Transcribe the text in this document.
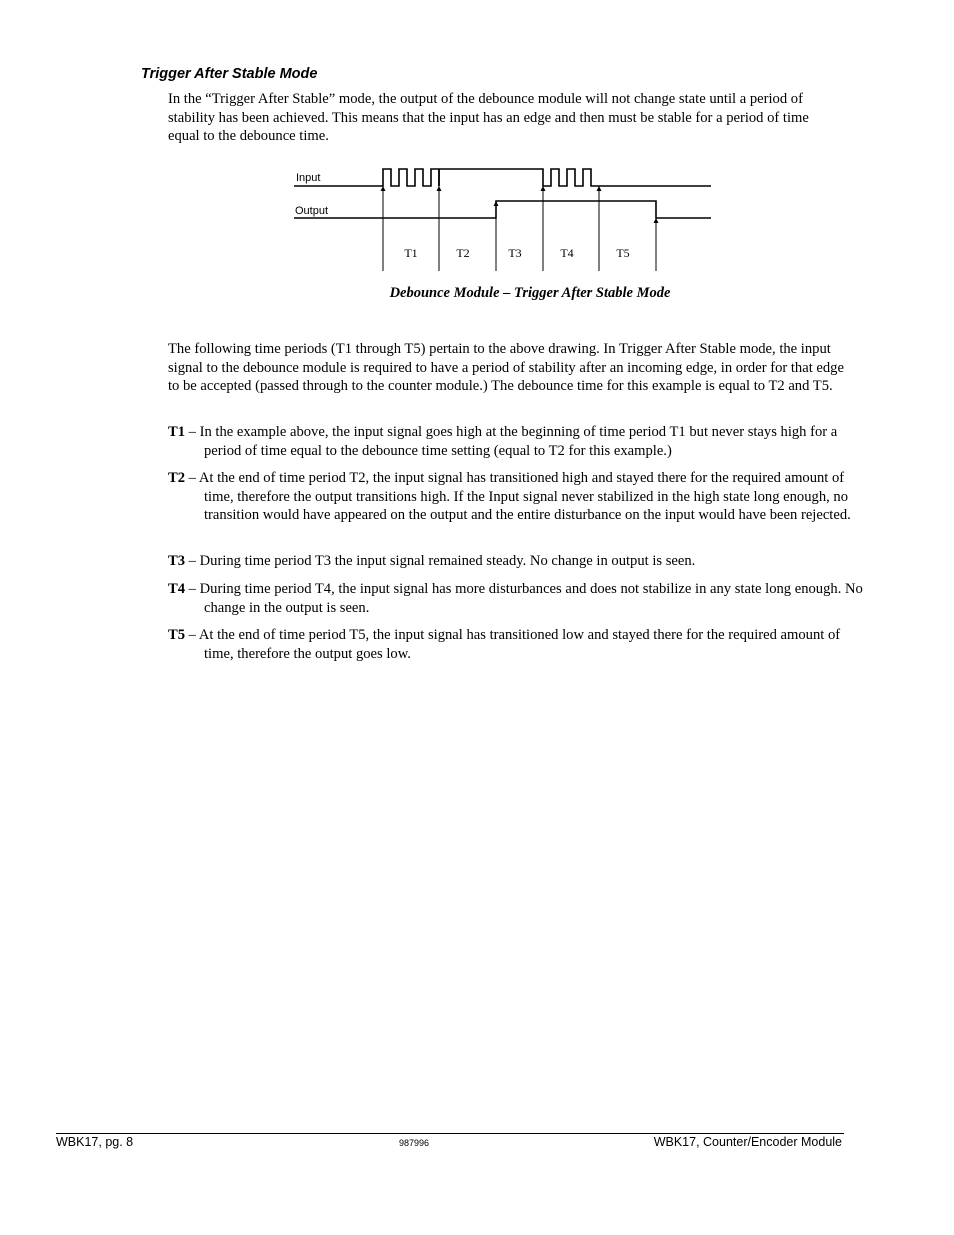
Trigger After Stable Mode
In the “Trigger After Stable” mode, the output of the debounce module will not change state until a period of stability has been achieved. This means that the input has an edge and then must be stable for a period of time equal to the debounce time.
Input
Output
T1	T2	T3	T4	T5
Debounce Module – Trigger After Stable Mode
The following time periods (T1 through T5) pertain to the above drawing. In Trigger After Stable mode, the input signal to the debounce module is required to have a period of stability after an incoming edge, in order for that edge to be accepted (passed through to the counter module.) The debounce time for this example is equal to T2 and T5.
T1 – In the example above, the input signal goes high at the beginning of time period T1 but never stays high for a period of time equal to the debounce time setting (equal to T2 for this example.)
T2 – At the end of time period T2, the input signal has transitioned high and stayed there for the required amount of time, therefore the output transitions high. If the Input signal never stabilized in the high state long enough, no transition would have appeared on the output and the entire disturbance on the input would have been rejected.
T3 – During time period T3 the input signal remained steady. No change in output is seen.
T4 – During time period T4, the input signal has more disturbances and does not stabilize in any state long enough. No change in the output is seen.
T5 – At the end of time period T5, the input signal has transitioned low and stayed there for the required amount of time, therefore the output goes low.
WBK17, pg. 8	987996	WBK17, Counter/Encoder Module
